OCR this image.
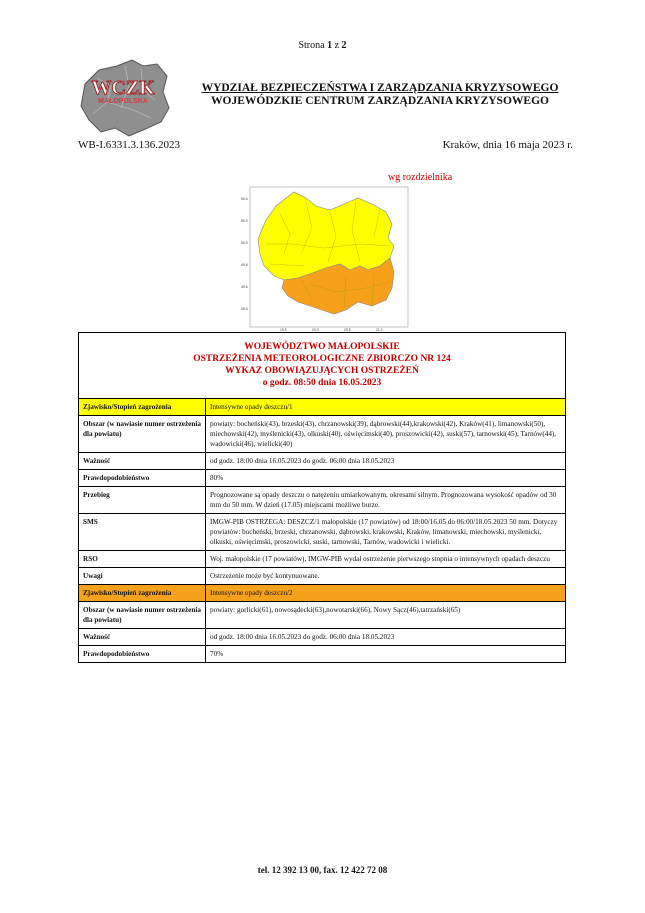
Strona 1 z 2
WCZK
MAŁOPOLSKA
WYDZIAŁ BEZPIECZEŃSTWA I ZARZĄDZANIA KRYZYSOWEGO
WOJEWÓDZKIE CENTRUM ZARZĄDZANIA KRYZYSOWEGO
WB-I.6331.3.136.2023	Kraków, dnia 16 maja 2023 r.
wg rozdzielnika
50.4
50.2
50.0
49.8
49.6
49.4
19.5	20.0	20.5	21.0
WOJEWÓDZTWO MAŁOPOLSKIE
OSTRZEŻENIA METEOROLOGICZNE ZBIORCZO NR 124
WYKAZ OBOWIĄZUJĄCYCH OSTRZEŻEŃ
o godz. 08:50 dnia 16.05.2023
Zjawisko/Stopień zagrożenia	Intensywne opady deszczu/1
Obszar (w nawiasie numer ostrzeżenia dla powiatu)	powiaty: bocheński(43), brzeski(43), chrzanowski(39), dąbrowski(44),krakowski(42), Kraków(41), limanowski(50), miechowski(42), myślenicki(43), olkuski(40), oświęcimski(40), proszowicki(42), suski(57), tarnowski(45), Tarnów(44), wadowicki(46), wielicki(40)
Ważność	od godz. 18:00 dnia 16.05.2023 do godz. 06:00 dnia 18.05.2023
Prawdopodobieństwo	80%
Przebieg	Prognozowane są opady deszczu o natężeniu umiarkowanym, okresami silnym. Prognozowana wysokość opadów od 30 mm do 50 mm. W dzień (17.05) miejscami możliwe burze.
SMS	IMGW-PIB OSTRZEGA: DESZCZ/1 małopolskie (17 powiatów) od 18:00/16.05 do 06:00/18.05.2023 50 mm. Dotyczy powiatów: bocheński, brzeski, chrzanowski, dąbrowski, krakowski, Kraków, limanowski, miechowski, myślenicki, olkuski, oświęcimski, proszowicki, suski, tarnowski, Tarnów, wadowicki i wielicki.
RSO	Woj. małopolskie (17 powiatów), IMGW-PIB wydał ostrzeżenie pierwszego stopnia o intensywnych opadach deszczu
Uwagi	Ostrzeżenie może być kontynuowane.
Zjawisko/Stopień zagrożenia	Intensywne opady deszczu/2
Obszar (w nawiasie numer ostrzeżenia dla powiatu)	powiaty: gorlicki(61), nowosądecki(63),nowotarski(66), Nowy Sącz(46),tatrzański(65)
Ważność	od godz. 18:00 dnia 16.05.2023 do godz. 06:00 dnia 18.05.2023
Prawdopodobieństwo	70%
tel. 12 392 13 00, fax. 12 422 72 08
